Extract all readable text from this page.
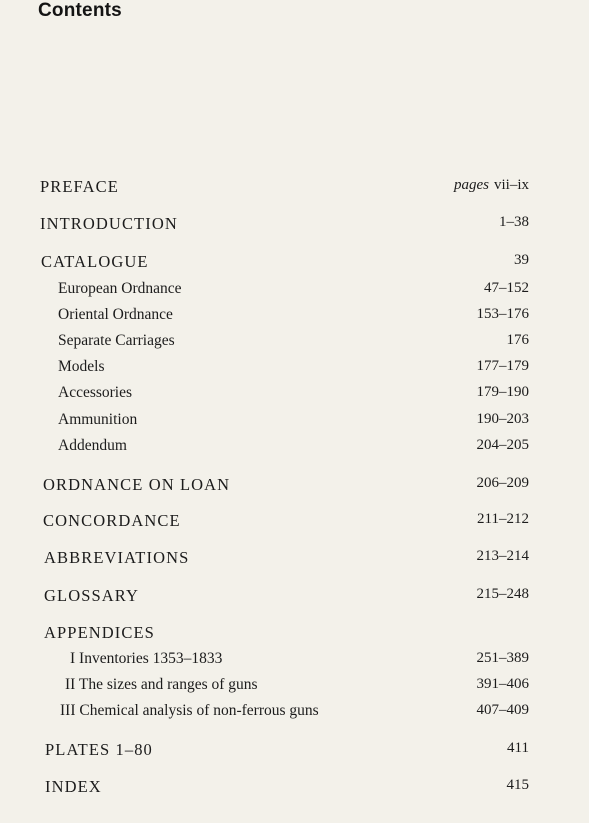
Contents
PREFACE	pages vii–ix
INTRODUCTION	1–38
CATALOGUE	39
European Ordnance	47–152
Oriental Ordnance	153–176
Separate Carriages	176
Models	177–179
Accessories	179–190
Ammunition	190–203
Addendum	204–205
ORDNANCE ON LOAN	206–209
CONCORDANCE	211–212
ABBREVIATIONS	213–214
GLOSSARY	215–248
APPENDICES
I Inventories 1353–1833	251–389
II The sizes and ranges of guns	391–406
III Chemical analysis of non-ferrous guns	407–409
PLATES 1–80	411
INDEX	415
